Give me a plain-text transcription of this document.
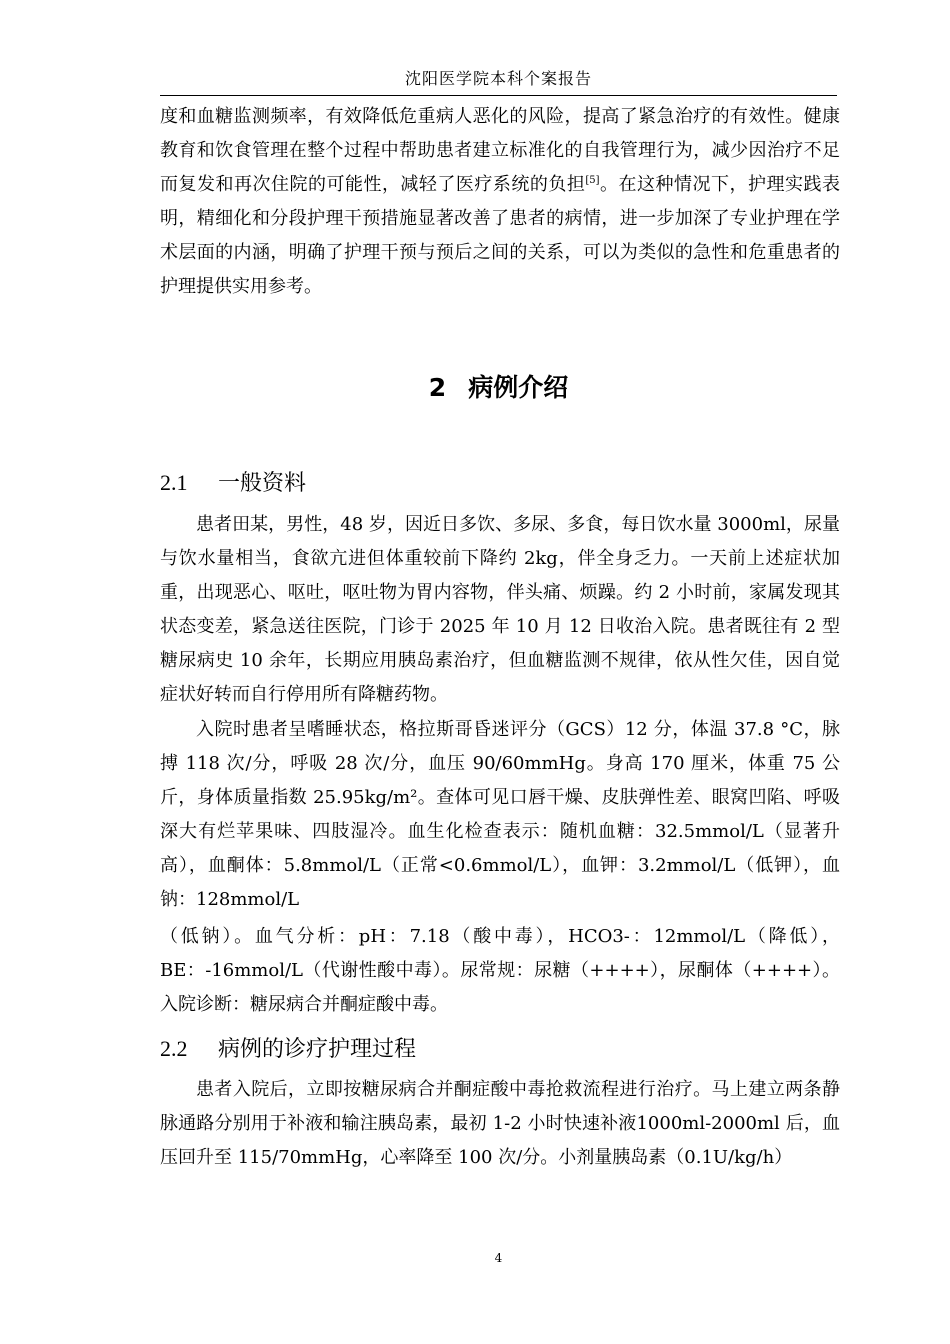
沈阳医学院本科个案报告

度和血糖监测频率，有效降低危重病人恶化的风险，提高了紧急治疗的有效性。健康教育和饮食管理在整个过程中帮助患者建立标准化的自我管理行为，减少因治疗不足而复发和再次住院的可能性，减轻了医疗系统的负担[5]。在这种情况下，护理实践表明，精细化和分段护理干预措施显著改善了患者的病情，进一步加深了专业护理在学术层面的内涵，明确了护理干预与预后之间的关系，可以为类似的急性和危重患者的护理提供实用参考。

2 病例介绍
2.1 一般资料

患者田某，男性，48 岁，因近日多饮、多尿、多食，每日饮水量 3000ml，尿量与饮水量相当，食欲亢进但体重较前下降约 2kg，伴全身乏力。一天前上述症状加重，出现恶心、呕吐，呕吐物为胃内容物，伴头痛、烦躁。约 2 小时前，家属发现其状态变差，紧急送往医院，门诊于 2025 年 10 月 12 日收治入院。患者既往有 2 型糖尿病史 10 余年，长期应用胰岛素治疗，但血糖监测不规律，依从性欠佳，因自觉症状好转而自行停用所有降糖药物。

入院时患者呈嗜睡状态，格拉斯哥昏迷评分（GCS）12 分，体温 37.8 °C，脉搏 118 次/分，呼吸 28 次/分，血压 90/60mmHg。身高 170 厘米，体重 75 公斤，身体质量指数 25.95kg/m²。查体可见口唇干燥、皮肤弹性差、眼窝凹陷、呼吸深大有烂苹果味、四肢湿冷。血生化检查表示：随机血糖：32.5mmol/L（显著升高），血酮体：5.8mmol/L（正常<0.6mmol/L），血钾：3.2mmol/L（低钾），血钠：128mmol/L

（低钠）。血气分析：pH：7.18（酸中毒），HCO3-：12mmol/L（降低），BE：-16mmol/L（代谢性酸中毒）。尿常规：尿糖（++++），尿酮体（++++）。入院诊断：糖尿病合并酮症酸中毒。

2.2 病例的诊疗护理过程

患者入院后，立即按糖尿病合并酮症酸中毒抢救流程进行治疗。马上建立两条静脉通路分别用于补液和输注胰岛素，最初 1-2 小时快速补液1000ml-2000ml 后，血压回升至 115/70mmHg，心率降至 100 次/分。小剂量胰岛素（0.1U/kg/h）

4
